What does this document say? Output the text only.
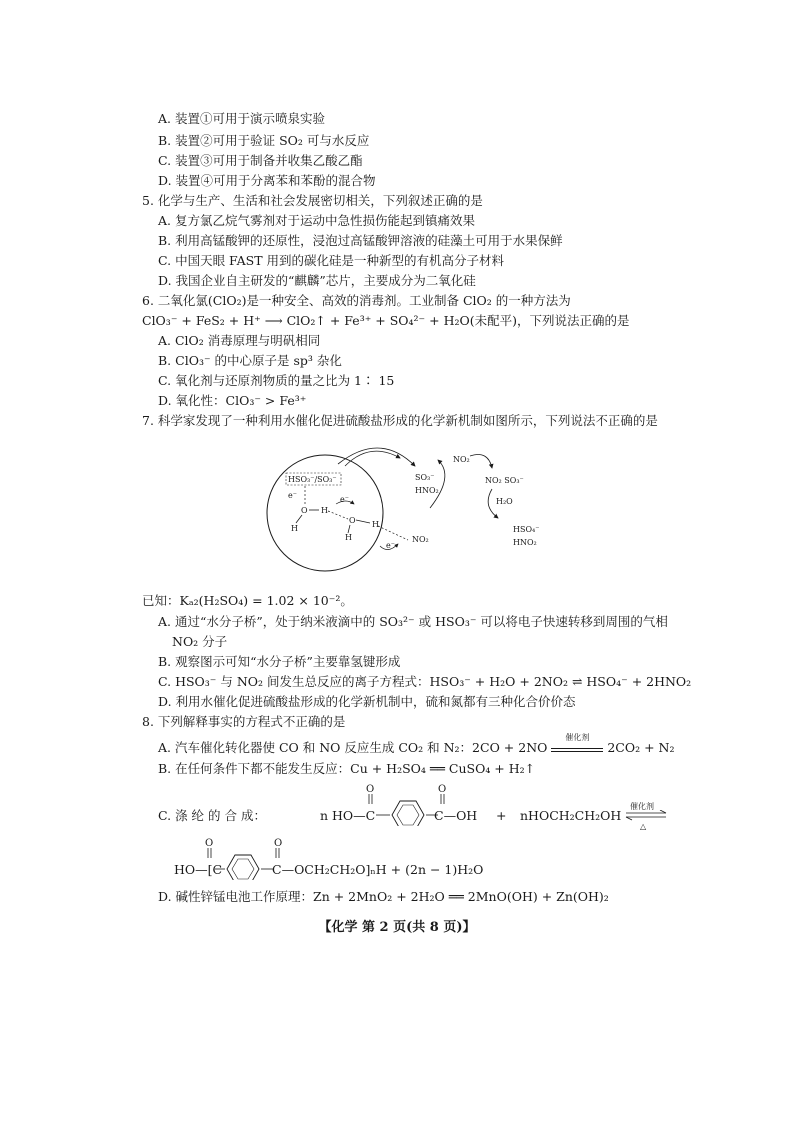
A. 装置①可用于演示喷泉实验
B. 装置②可用于验证 SO₂ 可与水反应
C. 装置③可用于制备并收集乙酸乙酯
D. 装置④可用于分离苯和苯酚的混合物
5. 化学与生产、生活和社会发展密切相关，下列叙述正确的是
A. 复方氯乙烷气雾剂对于运动中急性损伤能起到镇痛效果
B. 利用高锰酸钾的还原性，浸泡过高锰酸钾溶液的硅藻土可用于水果保鲜
C. 中国天眼 FAST 用到的碳化硅是一种新型的有机高分子材料
D. 我国企业自主研发的“麒麟”芯片，主要成分为二氧化硅
6. 二氧化氯(ClO₂)是一种安全、高效的消毒剂。工业制备 ClO₂ 的一种方法为
ClO₃⁻ + FeS₂ + H⁺ ⟶ ClO₂↑ + Fe³⁺ + SO₄²⁻ + H₂O(未配平)，下列说法正确的是
A. ClO₂ 消毒原理与明矾相同
B. ClO₃⁻ 的中心原子是 sp³ 杂化
C. 氧化剂与还原剂物质的量之比为 1∶ 15
D. 氧化性：ClO₃⁻ > Fe³⁺
7. 科学家发现了一种利用水催化促进硫酸盐形成的化学新机制如图所示，下列说法不正确的是
HSO₃⁻/SO₃⁻
e⁻
O H
H
e⁻
O
H
H
e⁻
NO₂
SO₃⁻
HNO₂
NO₂
NO₂ SO₃⁻
H₂O
HSO₄⁻
HNO₂
已知：Kₐ₂(H₂SO₄) = 1.02 × 10⁻²。
A. 通过“水分子桥”，处于纳米液滴中的 SO₃²⁻ 或 HSO₃⁻ 可以将电子快速转移到周围的气相
NO₂ 分子
B. 观察图示可知“水分子桥”主要靠氢键形成
C. HSO₃⁻ 与 NO₂ 间发生总反应的离子方程式：HSO₃⁻ + H₂O + 2NO₂ ⇌ HSO₄⁻ + 2HNO₂
D. 利用水催化促进硫酸盐形成的化学新机制中，硫和氮都有三种化合价价态
8. 下列解释事实的方程式不正确的是
A. 汽车催化转化器使 CO 和 NO 反应生成 CO₂ 和 N₂：2CO + 2NO
催化剂
2CO₂ + N₂
B. 在任何条件下都不能发生反应：Cu + H₂SO₄ ══ CuSO₄ + H₂↑
C. 涤 纶 的 合 成：	n HO—C
O	O
C—OH + nHOCH₂CH₂OH
催化剂
△
HO—[C
O	O
C—OCH₂CH₂O]ₙH + (2n − 1)H₂O
D. 碱性锌锰电池工作原理：Zn + 2MnO₂ + 2H₂O ══ 2MnO(OH) + Zn(OH)₂
【化学 第 2 页(共 8 页)】
